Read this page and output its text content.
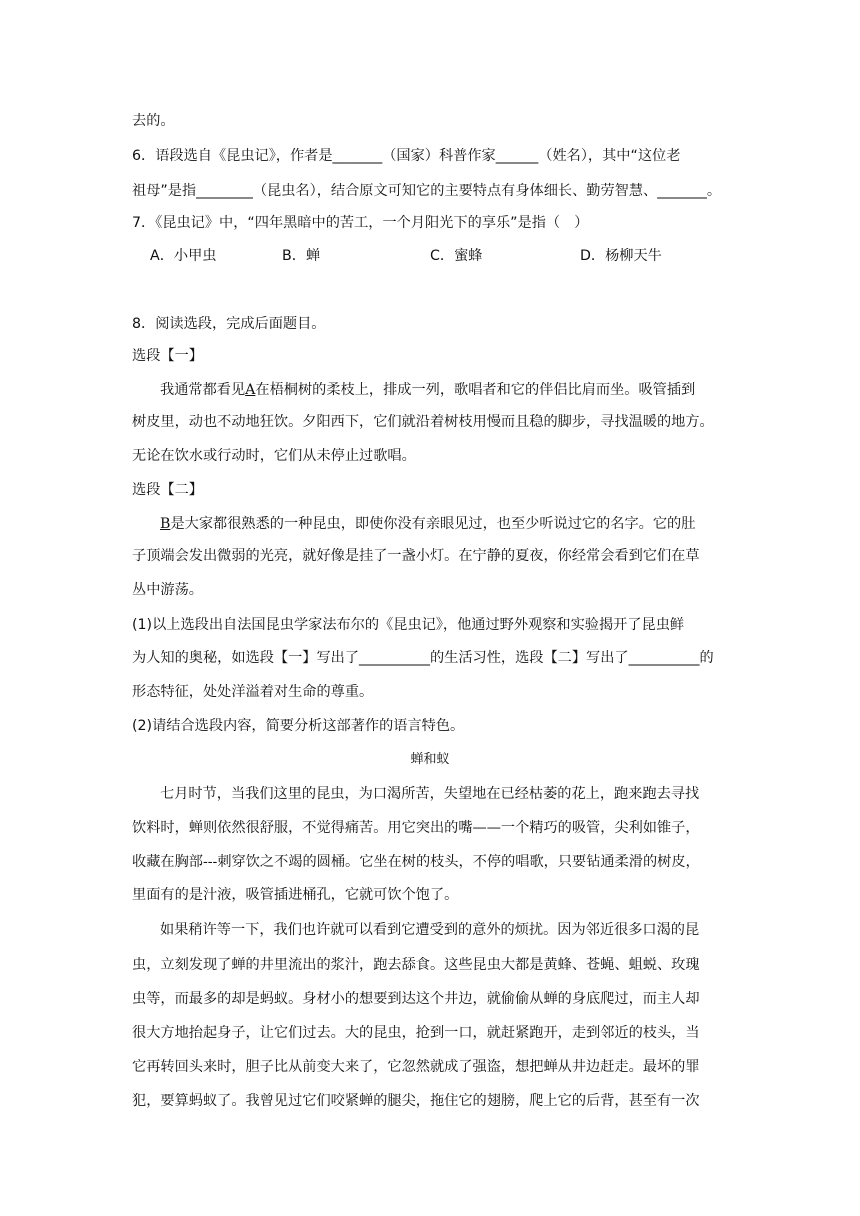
去的。
6．语段选自《昆虫记》，作者是_______（国家）科普作家______（姓名），其中“这位老
祖母”是指________（昆虫名），结合原文可知它的主要特点有身体细长、勤劳智慧、_______。
7．《昆虫记》中，“四年黑暗中的苦工，一个月阳光下的享乐”是指（　）
A．小甲虫	B．蝉	C．蜜蜂	D．杨柳天牛
8．阅读选段，完成后面题目。
选段【一】
我通常都看见A在梧桐树的柔枝上，排成一列，歌唱者和它的伴侣比肩而坐。吸管插到
树皮里，动也不动地狂饮。夕阳西下，它们就沿着树枝用慢而且稳的脚步，寻找温暖的地方。
无论在饮水或行动时，它们从未停止过歌唱。
选段【二】
B是大家都很熟悉的一种昆虫，即使你没有亲眼见过，也至少听说过它的名字。它的肚
子顶端会发出微弱的光亮，就好像是挂了一盏小灯。在宁静的夏夜，你经常会看到它们在草
丛中游荡。
(1)以上选段出自法国昆虫学家法布尔的《昆虫记》，他通过野外观察和实验揭开了昆虫鲜
为人知的奥秘，如选段【一】写出了__________的生活习性，选段【二】写出了__________的
形态特征，处处洋溢着对生命的尊重。
(2)请结合选段内容，简要分析这部著作的语言特色。
蝉和蚁
七月时节，当我们这里的昆虫，为口渴所苦，失望地在已经枯萎的花上，跑来跑去寻找
饮料时，蝉则依然很舒服，不觉得痛苦。用它突出的嘴——一个精巧的吸管，尖利如锥子，
收藏在胸部---刺穿饮之不竭的圆桶。它坐在树的枝头，不停的唱歌，只要钻通柔滑的树皮，
里面有的是汁液，吸管插进桶孔，它就可饮个饱了。
如果稍许等一下，我们也许就可以看到它遭受到的意外的烦扰。因为邻近很多口渴的昆
虫，立刻发现了蝉的井里流出的浆汁，跑去舔食。这些昆虫大都是黄蜂、苍蝇、蛆蜕、玫瑰
虫等，而最多的却是蚂蚁。身材小的想要到达这个井边，就偷偷从蝉的身底爬过，而主人却
很大方地抬起身子，让它们过去。大的昆虫，抢到一口，就赶紧跑开，走到邻近的枝头，当
它再转回头来时，胆子比从前变大来了，它忽然就成了强盗，想把蝉从井边赶走。最坏的罪
犯，要算蚂蚁了。我曾见过它们咬紧蝉的腿尖，拖住它的翅膀，爬上它的后背，甚至有一次
